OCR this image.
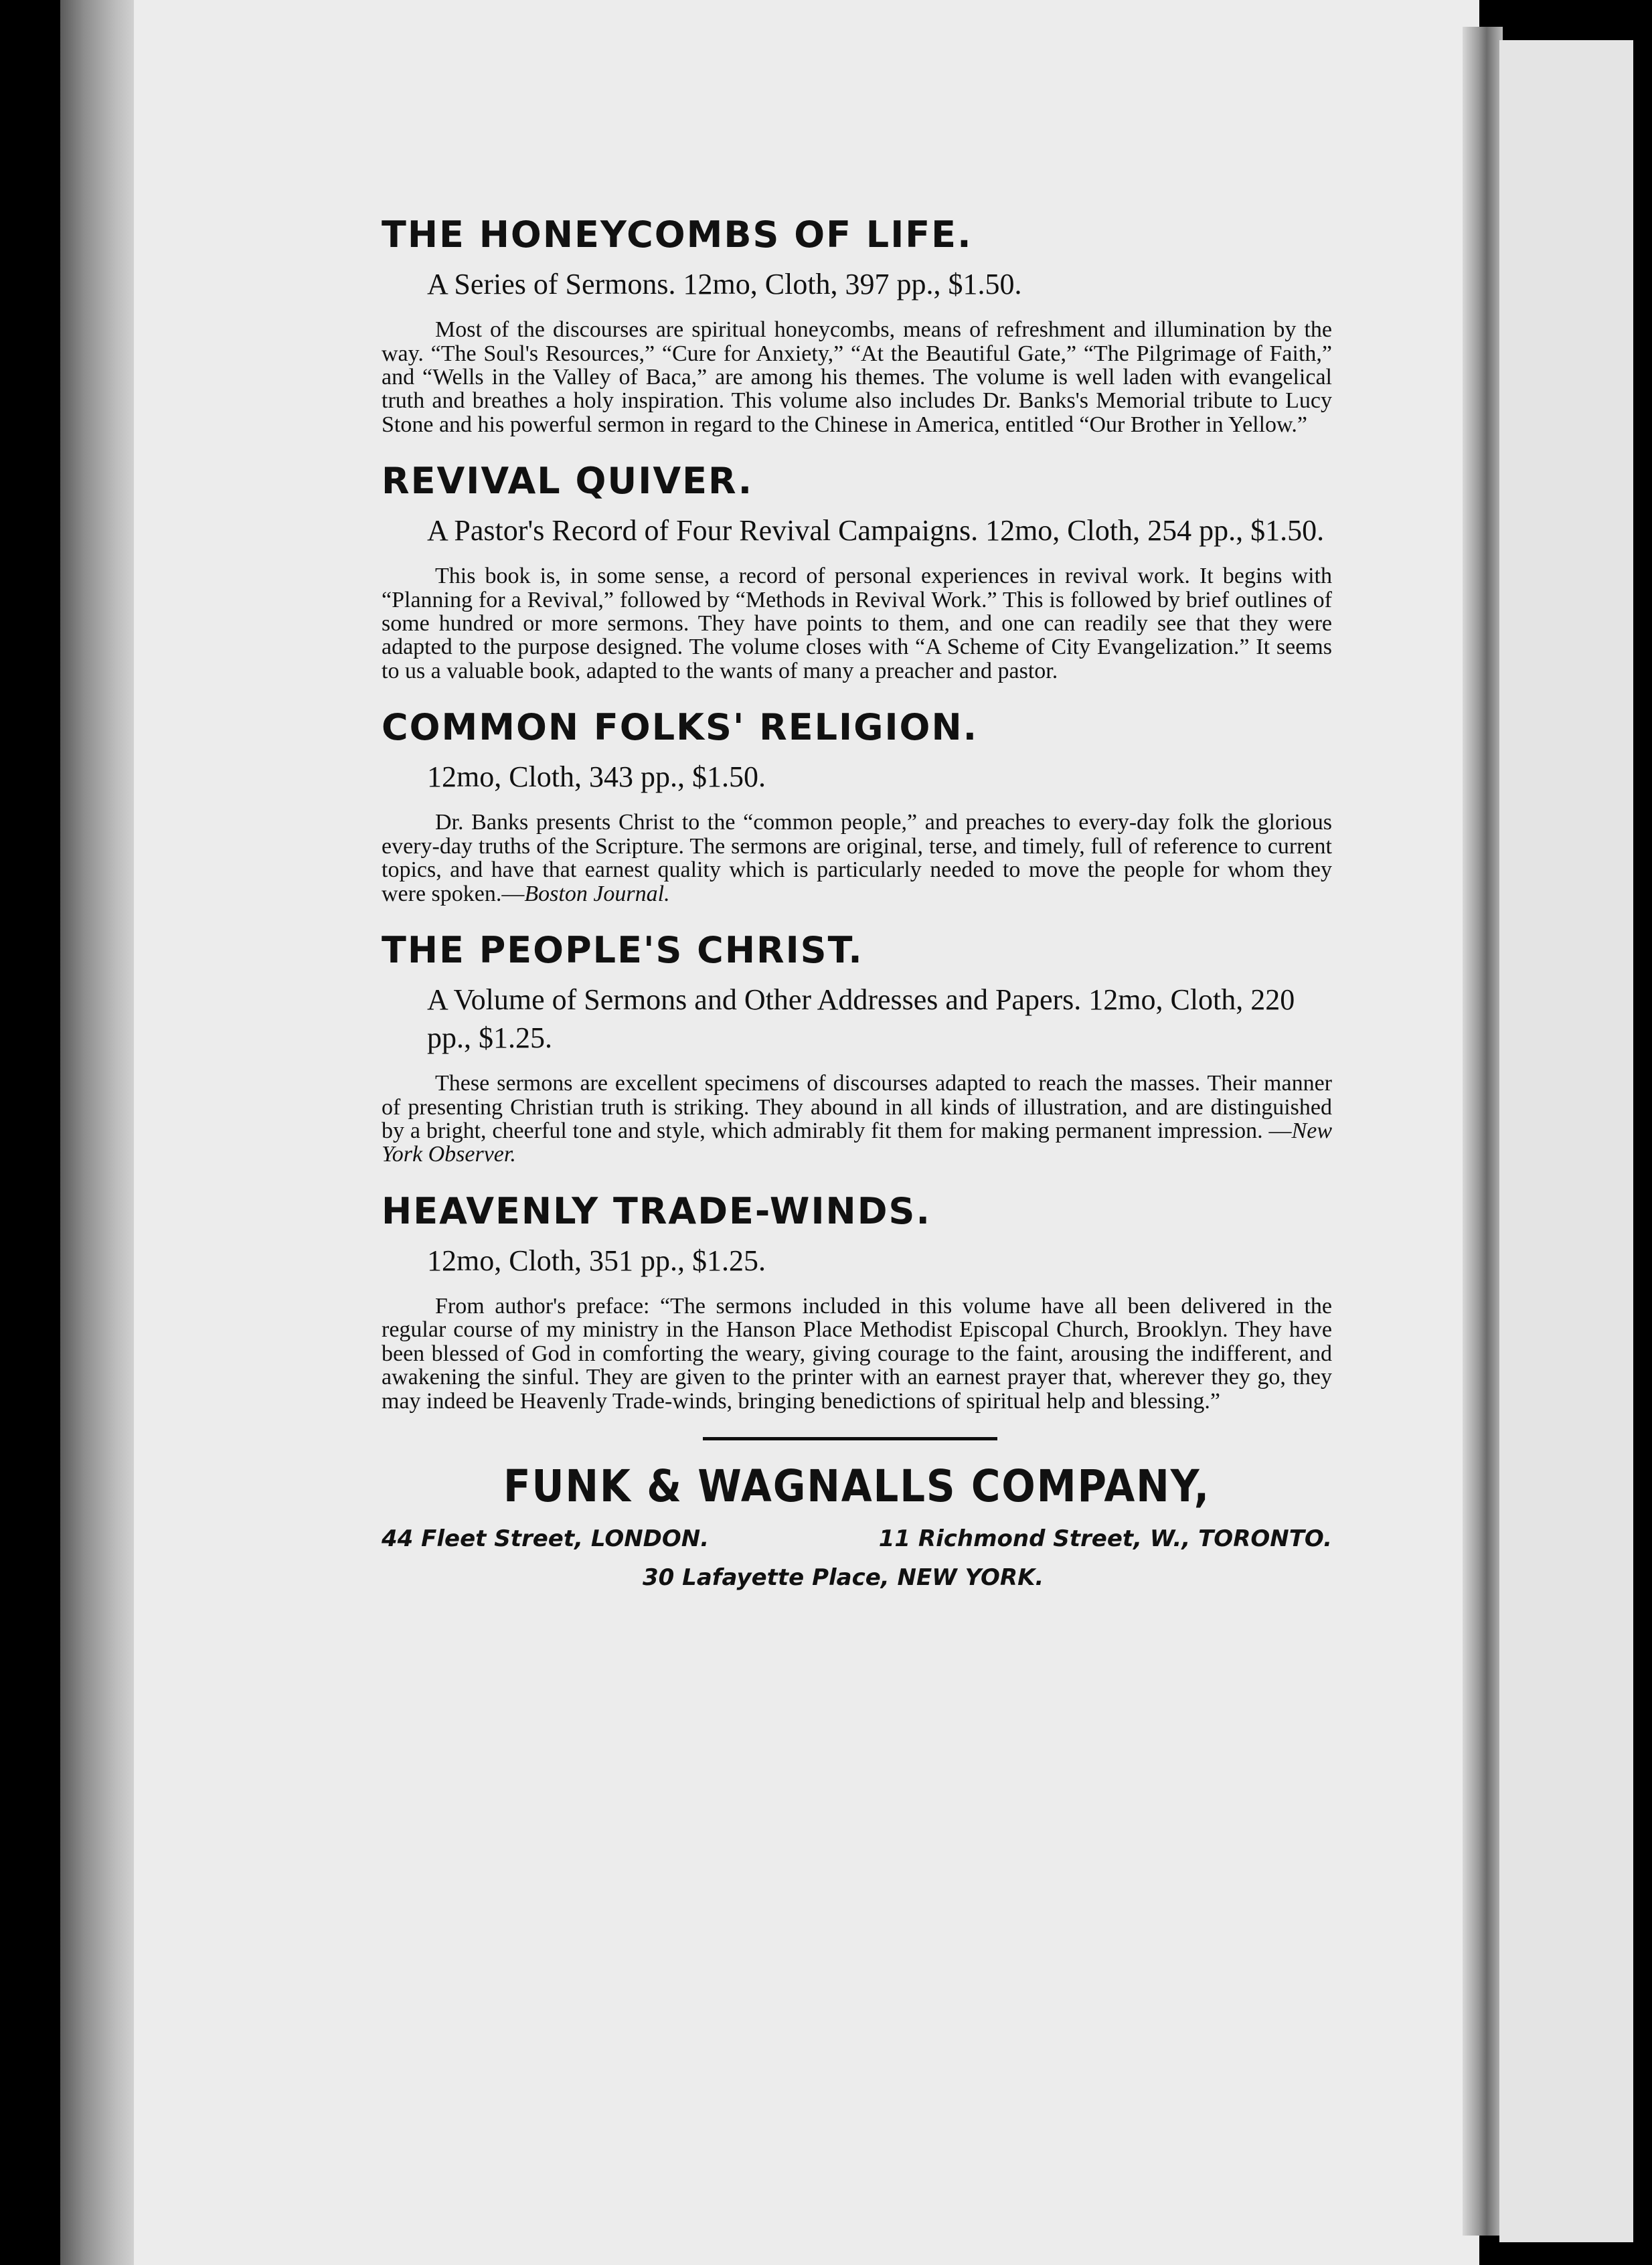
THE HONEYCOMBS OF LIFE.
A Series of Sermons. 12mo, Cloth, 397 pp., $1.50.

Most of the discourses are spiritual honeycombs, means of refreshment and illumination by the way. “The Soul's Resources,” “Cure for Anxiety,” “At the Beautiful Gate,” “The Pilgrimage of Faith,” and “Wells in the Valley of Baca,” are among his themes. The volume is well laden with evangelical truth and breathes a holy inspiration. This volume also includes Dr. Banks's Memorial tribute to Lucy Stone and his powerful sermon in regard to the Chinese in America, entitled “Our Brother in Yellow.”

REVIVAL QUIVER.
A Pastor's Record of Four Revival Campaigns. 12mo, Cloth, 254 pp., $1.50.

This book is, in some sense, a record of personal experiences in revival work. It begins with “Planning for a Revival,” followed by “Methods in Revival Work.” This is followed by brief outlines of some hundred or more sermons. They have points to them, and one can readily see that they were adapted to the purpose designed. The volume closes with “A Scheme of City Evangelization.” It seems to us a valuable book, adapted to the wants of many a preacher and pastor.

COMMON FOLKS' RELIGION.
12mo, Cloth, 343 pp., $1.50.

Dr. Banks presents Christ to the “common people,” and preaches to every-day folk the glorious every-day truths of the Scripture. The sermons are original, terse, and timely, full of reference to current topics, and have that earnest quality which is particularly needed to move the people for whom they were spoken.—Boston Journal.

THE PEOPLE'S CHRIST.
A Volume of Sermons and Other Addresses and Papers. 12mo, Cloth, 220 pp., $1.25.

These sermons are excellent specimens of discourses adapted to reach the masses. Their manner of presenting Christian truth is striking. They abound in all kinds of illustration, and are distinguished by a bright, cheerful tone and style, which admirably fit them for making permanent impression. —New York Observer.

HEAVENLY TRADE-WINDS.
12mo, Cloth, 351 pp., $1.25.

From author's preface: “The sermons included in this volume have all been delivered in the regular course of my ministry in the Hanson Place Methodist Episcopal Church, Brooklyn. They have been blessed of God in comforting the weary, giving courage to the faint, arousing the indifferent, and awakening the sinful. They are given to the printer with an earnest prayer that, wherever they go, they may indeed be Heavenly Trade-winds, bringing benedictions of spiritual help and blessing.”

FUNK & WAGNALLS COMPANY,
44 Fleet Street, LONDON.	11 Richmond Street, W., TORONTO.
30 Lafayette Place, NEW YORK.
